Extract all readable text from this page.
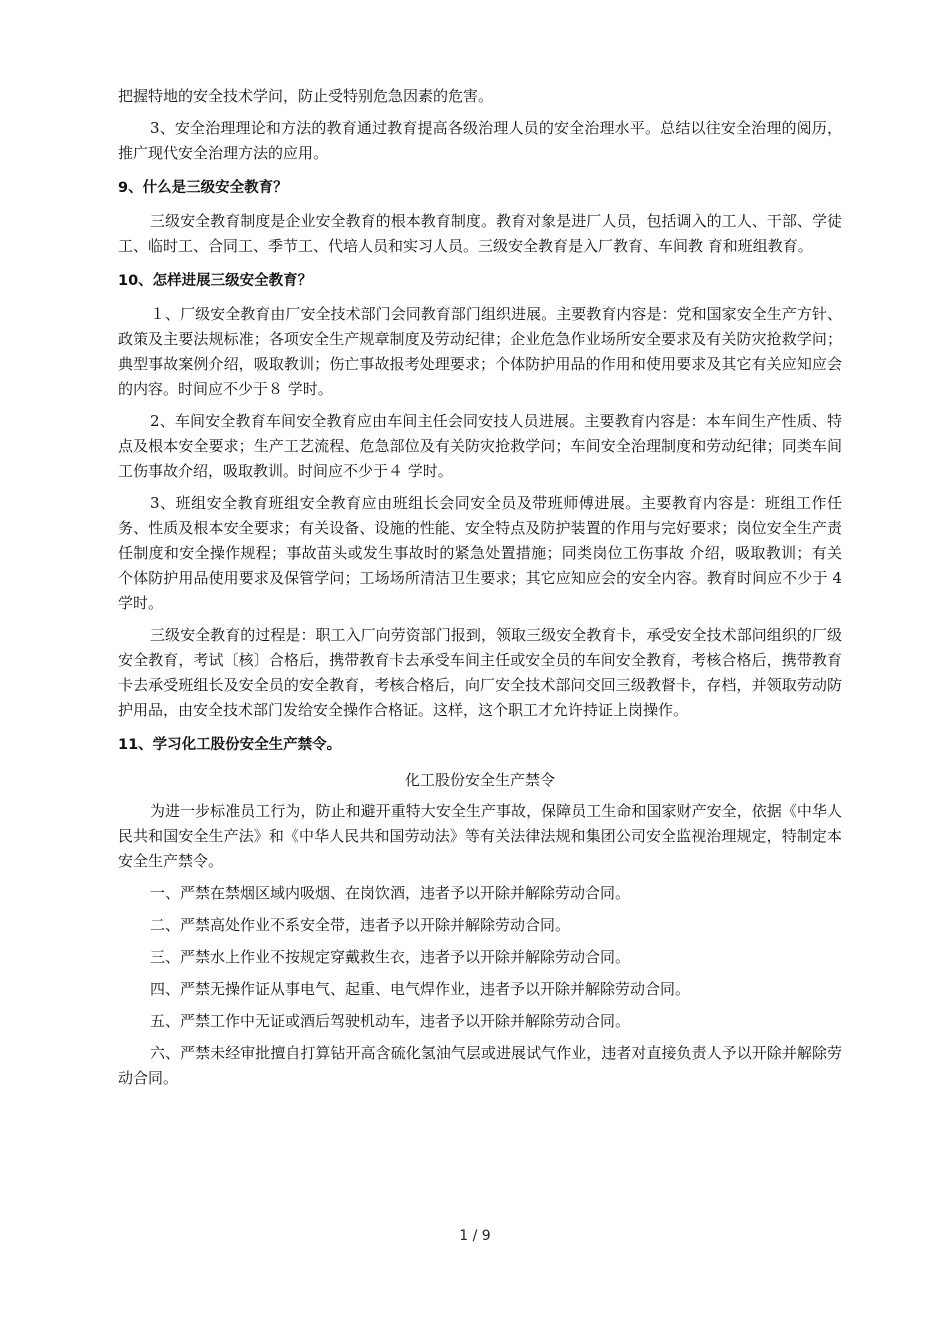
把握特地的安全技术学问，防止受特别危急因素的危害。

3、安全治理理论和方法的教育通过教育提高各级治理人员的安全治理水平。总结以往安全治理的阅历，推广现代安全治理方法的应用。

9、什么是三级安全教育？

三级安全教育制度是企业安全教育的根本教育制度。教育对象是进厂人员，包括调入的工人、干部、学徒工、临时工、合同工、季节工、代培人员和实习人员。三级安全教育是入厂教育、车间教 育和班组教育。

10、怎样进展三级安全教育？

１、厂级安全教育由厂安全技术部门会同教育部门组织进展。主要教育内容是：党和国家安全生产方针、政策及主要法规标准；各项安全生产规章制度及劳动纪律；企业危急作业场所安全要求及有关防灾抢救学问；典型事故案例介绍，吸取教训；伤亡事故报考处理要求；个体防护用品的作用和使用要求及其它有关应知应会的内容。时间应不少于８ 学时。

2、车间安全教育车间安全教育应由车间主任会同安技人员进展。主要教育内容是：本车间生产性质、特点及根本安全要求；生产工艺流程、危急部位及有关防灾抢救学问；车间安全治理制度和劳动纪律；同类车间工伤事故介绍，吸取教训。时间应不少于４ 学时。

3、班组安全教育班组安全教育应由班组长会同安全员及带班师傅进展。主要教育内容是：班组工作任务、性质及根本安全要求；有关设备、设施的性能、安全特点及防护装置的作用与完好要求；岗位安全生产责任制度和安全操作规程；事故苗头或发生事故时的紧急处置措施；同类岗位工伤事故 介绍，吸取教训；有关个体防护用品使用要求及保管学问；工场场所清洁卫生要求；其它应知应会的安全内容。教育时间应不少于 4 学时。

三级安全教育的过程是：职工入厂向劳资部门报到，领取三级安全教育卡，承受安全技术部问组织的厂级安全教育，考试〔核〕合格后，携带教育卡去承受车间主任或安全员的车间安全教育，考核合格后，携带教育卡去承受班组长及安全员的安全教育，考核合格后，向厂安全技术部问交回三级教督卡，存档，并领取劳动防护用品，由安全技术部门发给安全操作合格证。这样，这个职工才允许持证上岗操作。

11、学习化工股份安全生产禁令。

化工股份安全生产禁令

为进一步标准员工行为，防止和避开重特大安全生产事故，保障员工生命和国家财产安全，依据《中华人民共和国安全生产法》和《中华人民共和国劳动法》等有关法律法规和集团公司安全监视治理规定，特制定本安全生产禁令。

一、严禁在禁烟区域内吸烟、在岗饮酒，违者予以开除并解除劳动合同。

二、严禁高处作业不系安全带，违者予以开除并解除劳动合同。

三、严禁水上作业不按规定穿戴救生衣，违者予以开除并解除劳动合同。

四、严禁无操作证从事电气、起重、电气焊作业，违者予以开除并解除劳动合同。

五、严禁工作中无证或酒后驾驶机动车，违者予以开除并解除劳动合同。

六、严禁未经审批擅自打算钻开高含硫化氢油气层或进展试气作业，违者对直接负责人予以开除并解除劳动合同。

1 / 9
